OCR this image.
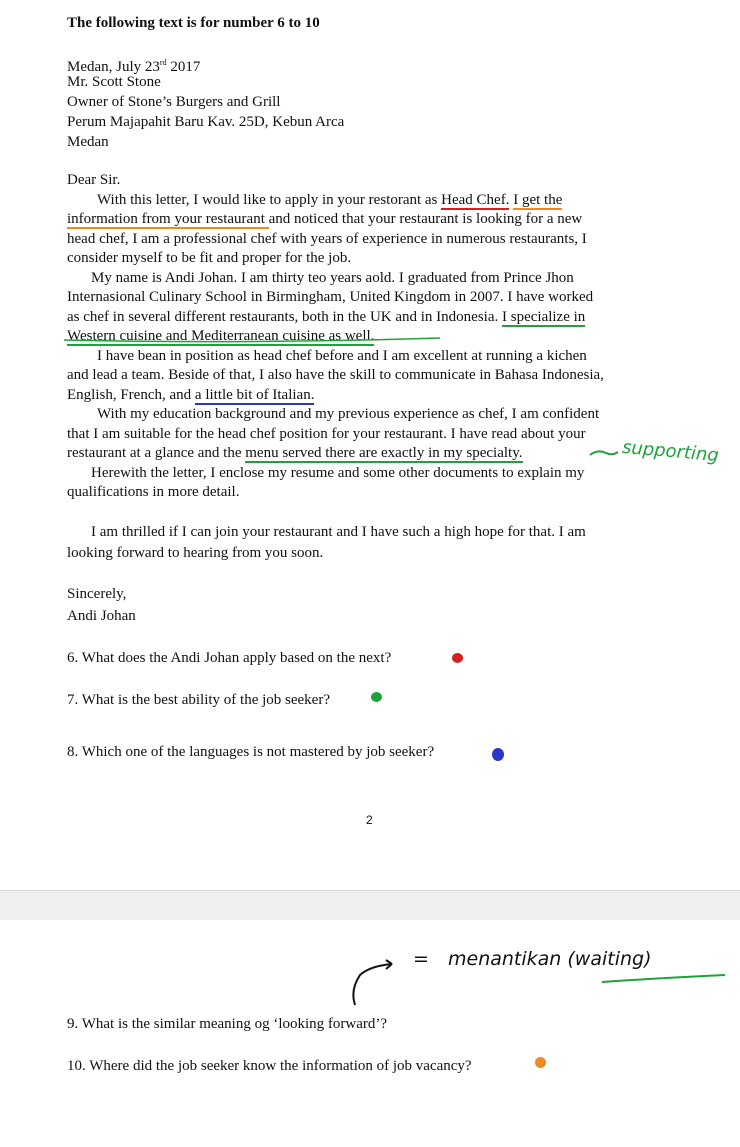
The following text is for number 6 to 10
Medan, July 23rd 2017
Mr. Scott Stone
Owner of Stone’s Burgers and Grill
Perum Majapahit Baru Kav. 25D, Kebun Arca
Medan
Dear Sir.
With this letter, I would like to apply in your restorant as Head Chef. I get the
information from your restaurant and noticed that your restaurant is looking for a new
head chef, I am a professional chef with years of experience in numerous restaurants, I
consider myself to be fit and proper for the job.
My name is Andi Johan. I am thirty teo years aold. I graduated from Prince Jhon
Internasional Culinary School in Birmingham, United Kingdom in 2007. I have worked
as chef in several different restaurants, both in the UK and in Indonesia. I specialize in
Western cuisine and Mediterranean cuisine as well.
I have bean in position as head chef before and I am excellent at running a kichen
and lead a team. Beside of that, I also have the skill to communicate in Bahasa Indonesia,
English, French, and a little bit of Italian.
With my education background and my previous experience as chef, I am confident
that I am suitable for the head chef position for your restaurant. I have read about your
restaurant at a glance and the menu served there are exactly in my specialty.
Herewith the letter, I enclose my resume and some other documents to explain my
qualifications in more detail.
I am thrilled if I can join your restaurant and I have such a high hope for that. I am
looking forward to hearing from you soon.
Sincerely,
Andi Johan
6. What does the Andi Johan apply based on the next?
7. What is the best ability of the job seeker?
8. Which one of the languages is not mastered by job seeker?
2
supporting
= menantikan (waiting)
9. What is the similar meaning og ‘looking forward’?
10. Where did the job seeker know the information of job vacancy?
